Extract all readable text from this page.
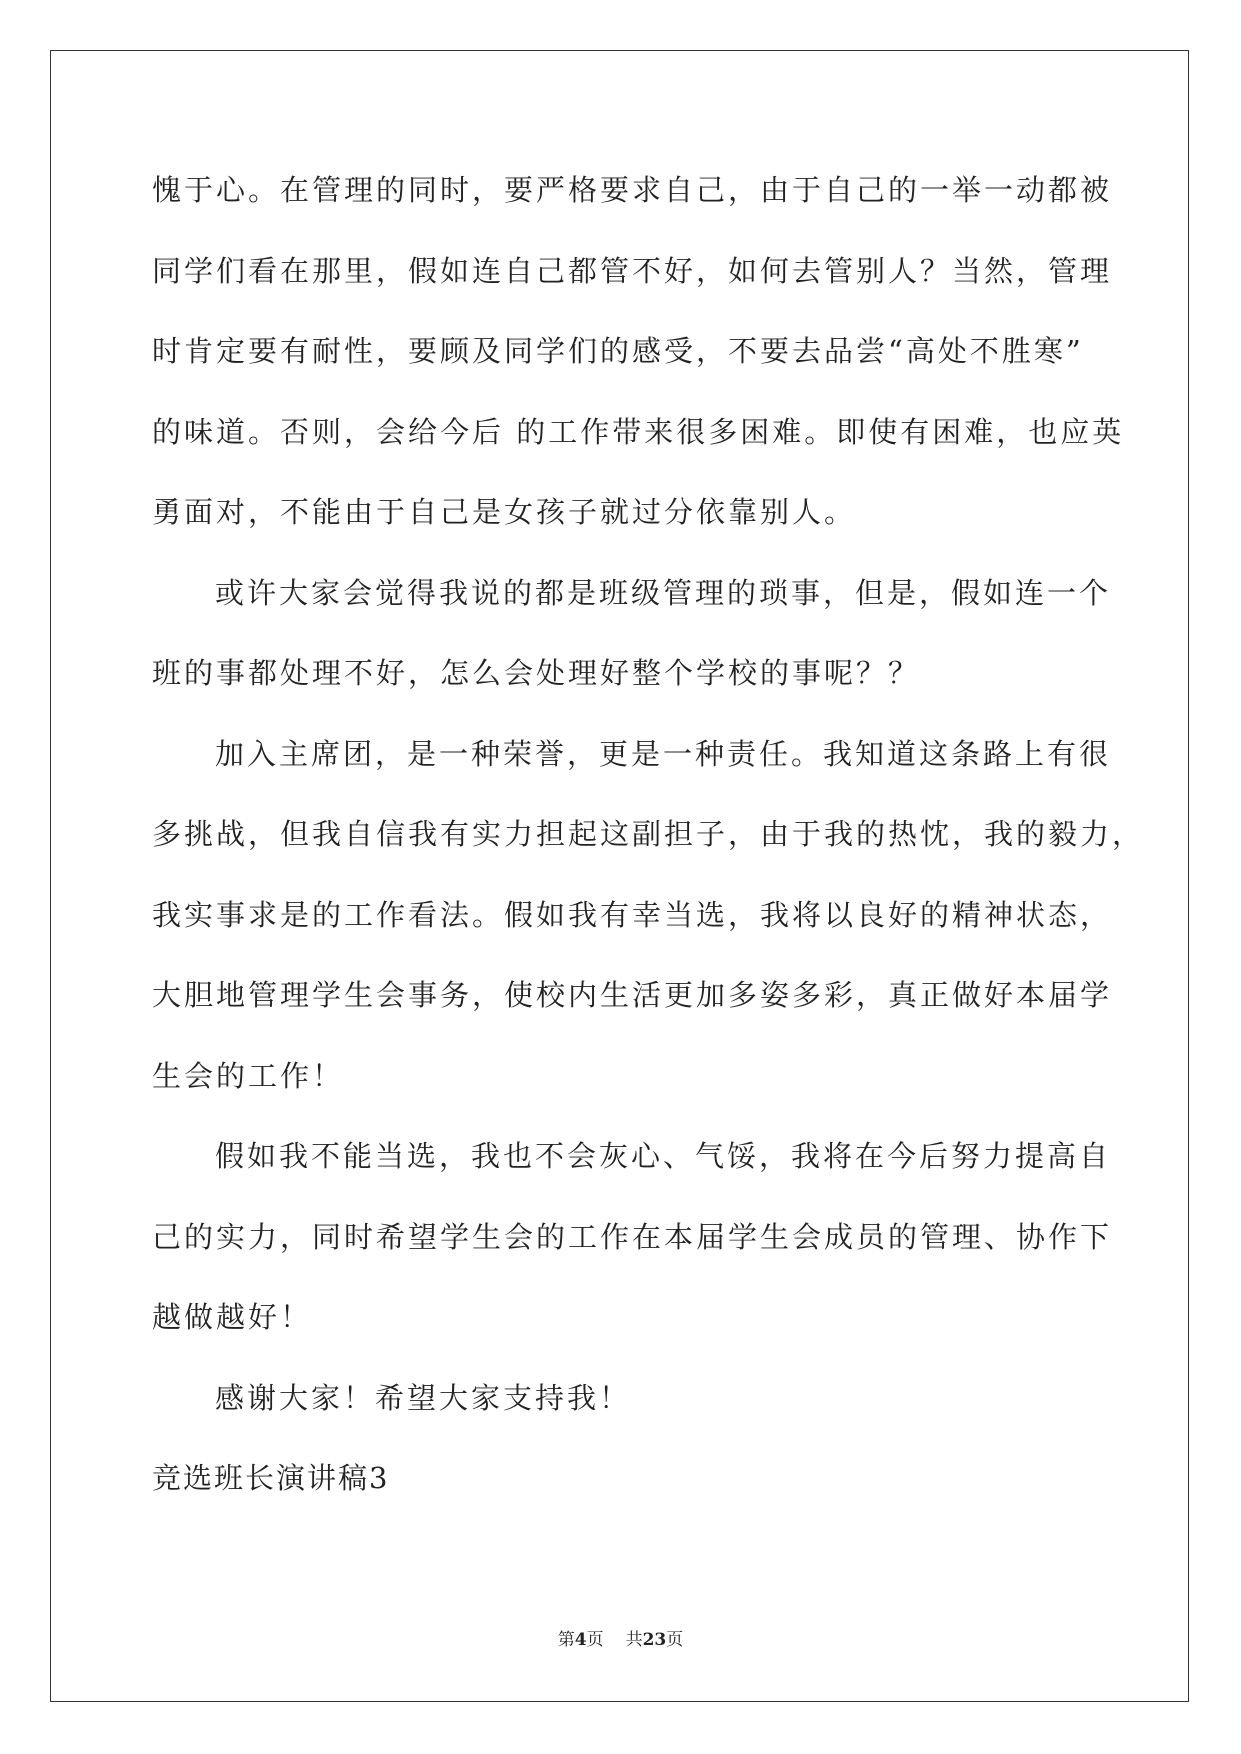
愧于心。在管理的同时，要严格要求自己，由于自己的一举一动都被
同学们看在那里，假如连自己都管不好，如何去管别人？当然，管理
时肯定要有耐性，要顾及同学们的感受，不要去品尝“高处不胜寒”
的味道。否则，会给今后 的工作带来很多困难。即使有困难，也应英
勇面对，不能由于自己是女孩子就过分依靠别人。
或许大家会觉得我说的都是班级管理的琐事，但是，假如连一个
班的事都处理不好，怎么会处理好整个学校的事呢？？
加入主席团，是一种荣誉，更是一种责任。我知道这条路上有很
多挑战，但我自信我有实力担起这副担子，由于我的热忱，我的毅力，
我实事求是的工作看法。假如我有幸当选，我将以良好的精神状态，
大胆地管理学生会事务，使校内生活更加多姿多彩，真正做好本届学
生会的工作！
假如我不能当选，我也不会灰心、气馁，我将在今后努力提高自
己的实力，同时希望学生会的工作在本届学生会成员的管理、协作下
越做越好！
感谢大家！希望大家支持我！
竞选班长演讲稿3
第4页 共23页
